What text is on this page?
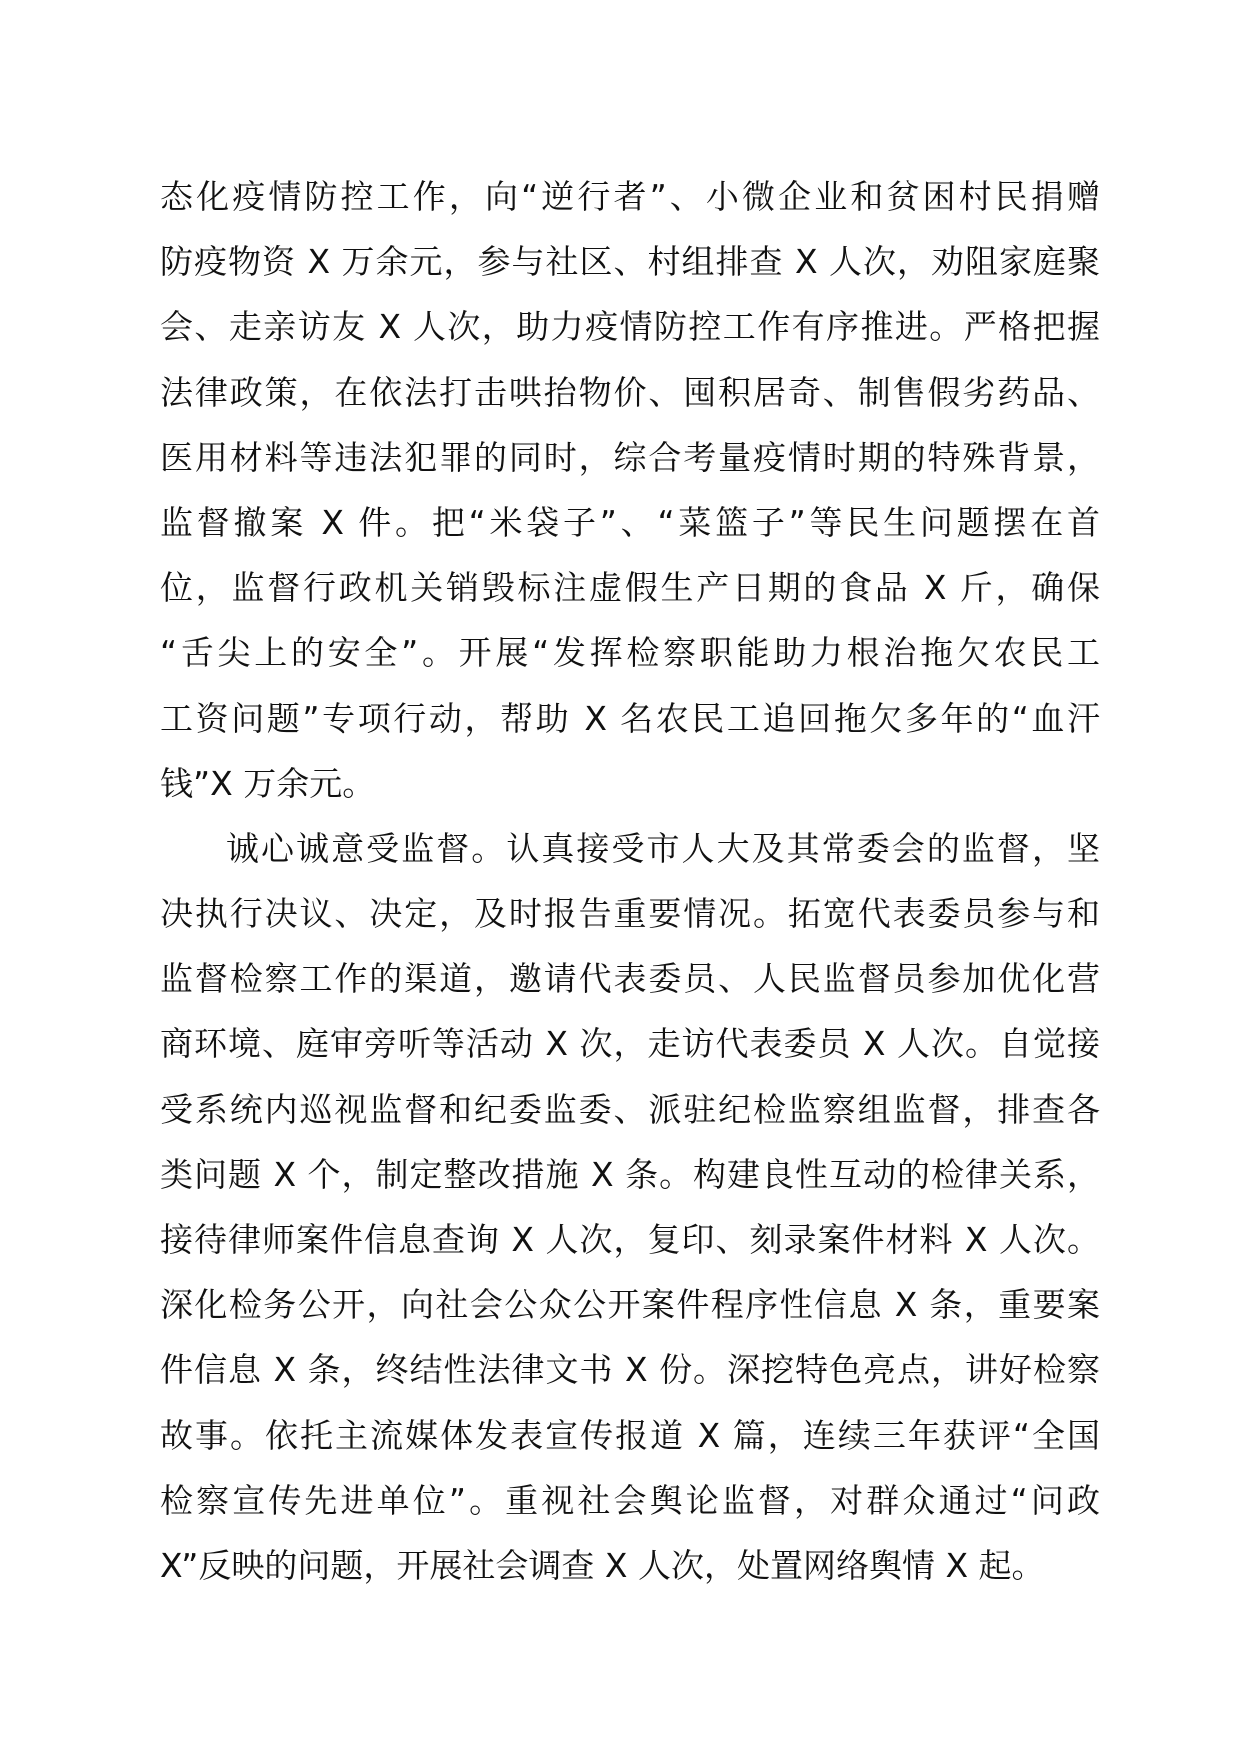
态化疫情防控工作，向“逆行者”、小微企业和贫困村民捐赠
防疫物资 X 万余元，参与社区、村组排查 X 人次，劝阻家庭聚
会、走亲访友 X 人次，助力疫情防控工作有序推进。严格把握
法律政策，在依法打击哄抬物价、囤积居奇、制售假劣药品、
医用材料等违法犯罪的同时，综合考量疫情时期的特殊背景，
监督撤案 X 件。把“米袋子”、“菜篮子”等民生问题摆在首
位，监督行政机关销毁标注虚假生产日期的食品 X 斤，确保
“舌尖上的安全”。开展“发挥检察职能助力根治拖欠农民工
工资问题”专项行动，帮助 X 名农民工追回拖欠多年的“血汗
钱”X 万余元。
诚心诚意受监督。认真接受市人大及其常委会的监督，坚
决执行决议、决定，及时报告重要情况。拓宽代表委员参与和
监督检察工作的渠道，邀请代表委员、人民监督员参加优化营
商环境、庭审旁听等活动 X 次，走访代表委员 X 人次。自觉接
受系统内巡视监督和纪委监委、派驻纪检监察组监督，排查各
类问题 X 个，制定整改措施 X 条。构建良性互动的检律关系，
接待律师案件信息查询 X 人次，复印、刻录案件材料 X 人次。
深化检务公开，向社会公众公开案件程序性信息 X 条，重要案
件信息 X 条，终结性法律文书 X 份。深挖特色亮点，讲好检察
故事。依托主流媒体发表宣传报道 X 篇，连续三年获评“全国
检察宣传先进单位”。重视社会舆论监督，对群众通过“问政
X”反映的问题，开展社会调查 X 人次，处置网络舆情 X 起。
